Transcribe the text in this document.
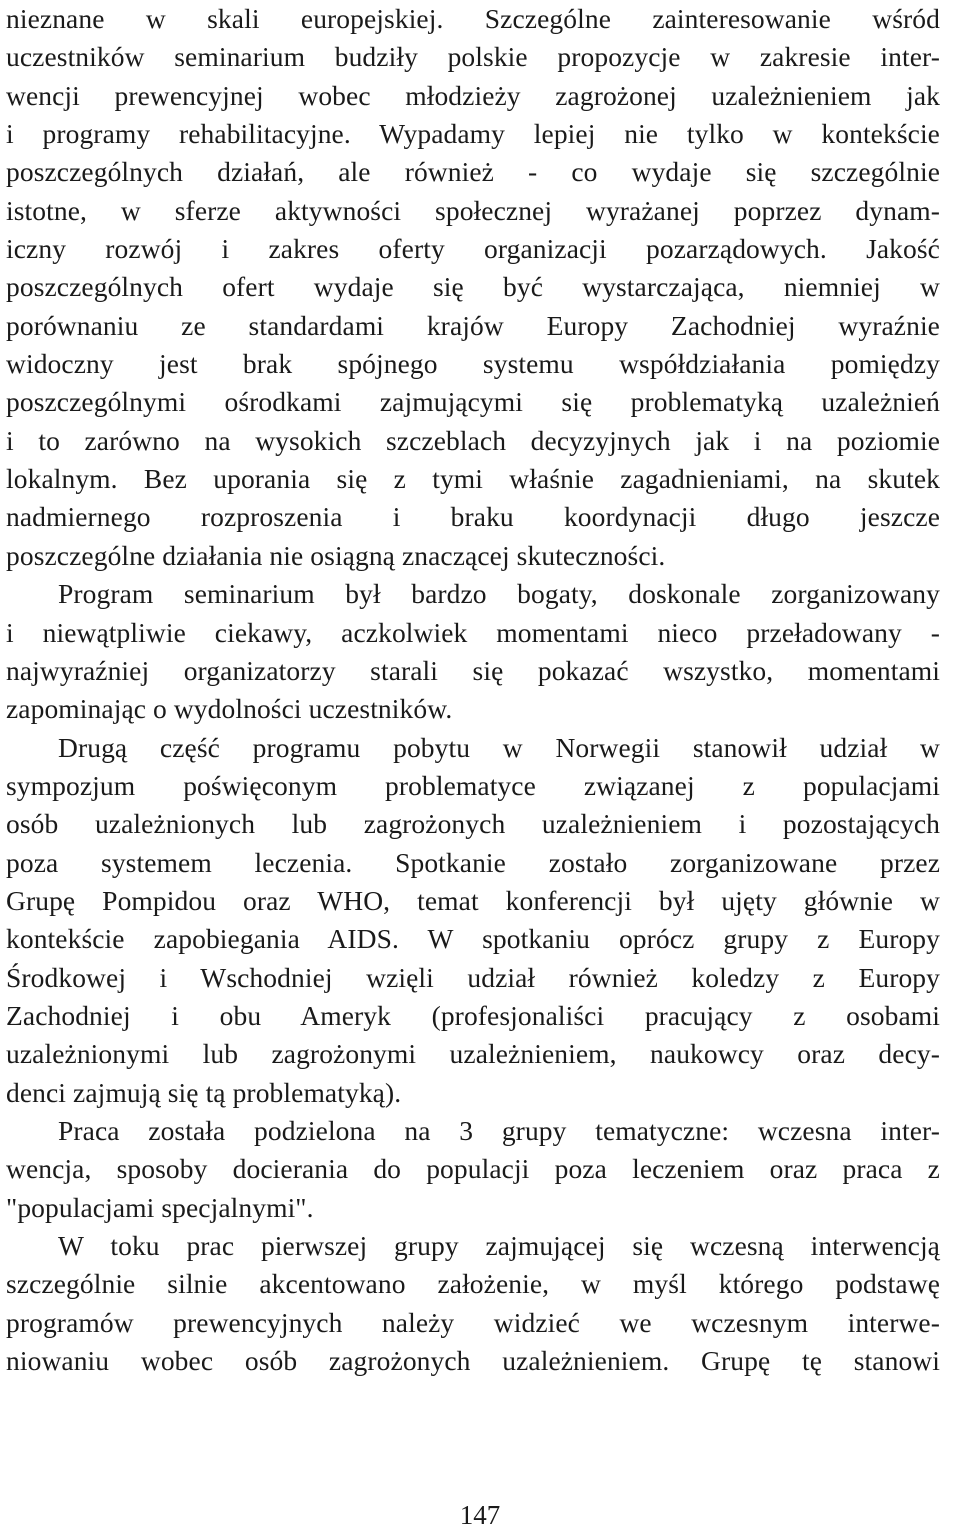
nieznane w skali europejskiej. Szczególne zainteresowanie wśród
uczestników seminarium budziły polskie propozycje w zakresie inter-
wencji prewencyjnej wobec młodzieży zagrożonej uzależnieniem jak
i programy rehabilitacyjne. Wypadamy lepiej nie tylko w kontekście
poszczególnych działań, ale również - co wydaje się szczególnie
istotne, w sferze aktywności społecznej wyrażanej poprzez dynam-
iczny rozwój i zakres oferty organizacji pozarządowych. Jakość
poszczególnych ofert wydaje się być wystarczająca, niemniej w
porównaniu ze standardami krajów Europy Zachodniej wyraźnie
widoczny jest brak spójnego systemu współdziałania pomiędzy
poszczególnymi ośrodkami zajmującymi się problematyką uzależnień
i to zarówno na wysokich szczeblach decyzyjnych jak i na poziomie
lokalnym. Bez uporania się z tymi właśnie zagadnieniami, na skutek
nadmiernego rozproszenia i braku koordynacji długo jeszcze
poszczególne działania nie osiągną znaczącej skuteczności.
Program seminarium był bardzo bogaty, doskonale zorganizowany
i niewątpliwie ciekawy, aczkolwiek momentami nieco przeładowany -
najwyraźniej organizatorzy starali się pokazać wszystko, momentami
zapominając o wydolności uczestników.
Drugą część programu pobytu w Norwegii stanowił udział w
sympozjum poświęconym problematyce związanej z populacjami
osób uzależnionych lub zagrożonych uzależnieniem i pozostających
poza systemem leczenia. Spotkanie zostało zorganizowane przez
Grupę Pompidou oraz WHO, temat konferencji był ujęty głównie w
kontekście zapobiegania AIDS. W spotkaniu oprócz grupy z Europy
Środkowej i Wschodniej wzięli udział również koledzy z Europy
Zachodniej i obu Ameryk (profesjonaliści pracujący z osobami
uzależnionymi lub zagrożonymi uzależnieniem, naukowcy oraz decy-
denci zajmują się tą problematyką).
Praca została podzielona na 3 grupy tematyczne: wczesna inter-
wencja, sposoby docierania do populacji poza leczeniem oraz praca z
"populacjami specjalnymi".
W toku prac pierwszej grupy zajmującej się wczesną interwencją
szczególnie silnie akcentowano założenie, w myśl którego podstawę
programów prewencyjnych należy widzieć we wczesnym interwe-
niowaniu wobec osób zagrożonych uzależnieniem. Grupę tę stanowi
147
